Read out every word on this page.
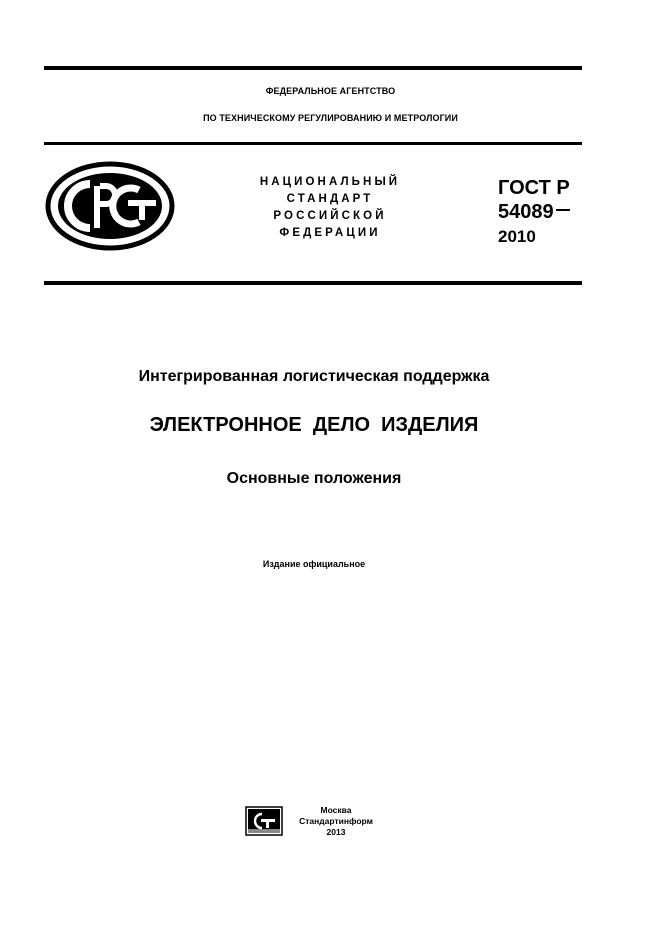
ФЕДЕРАЛЬНОЕ АГЕНТСТВО
ПО ТЕХНИЧЕСКОМУ РЕГУЛИРОВАНИЮ И МЕТРОЛОГИИ
НАЦИОНАЛЬНЫЙ
СТАНДАРТ
РОССИЙСКОЙ
ФЕДЕРАЦИИ
ГОСТ Р
54089
2010
Интегрированная логистическая поддержка
ЭЛЕКТРОННОЕ  ДЕЛО  ИЗДЕЛИЯ
Основные положения
Издание официальное
Москва
Стандартинформ
2013
